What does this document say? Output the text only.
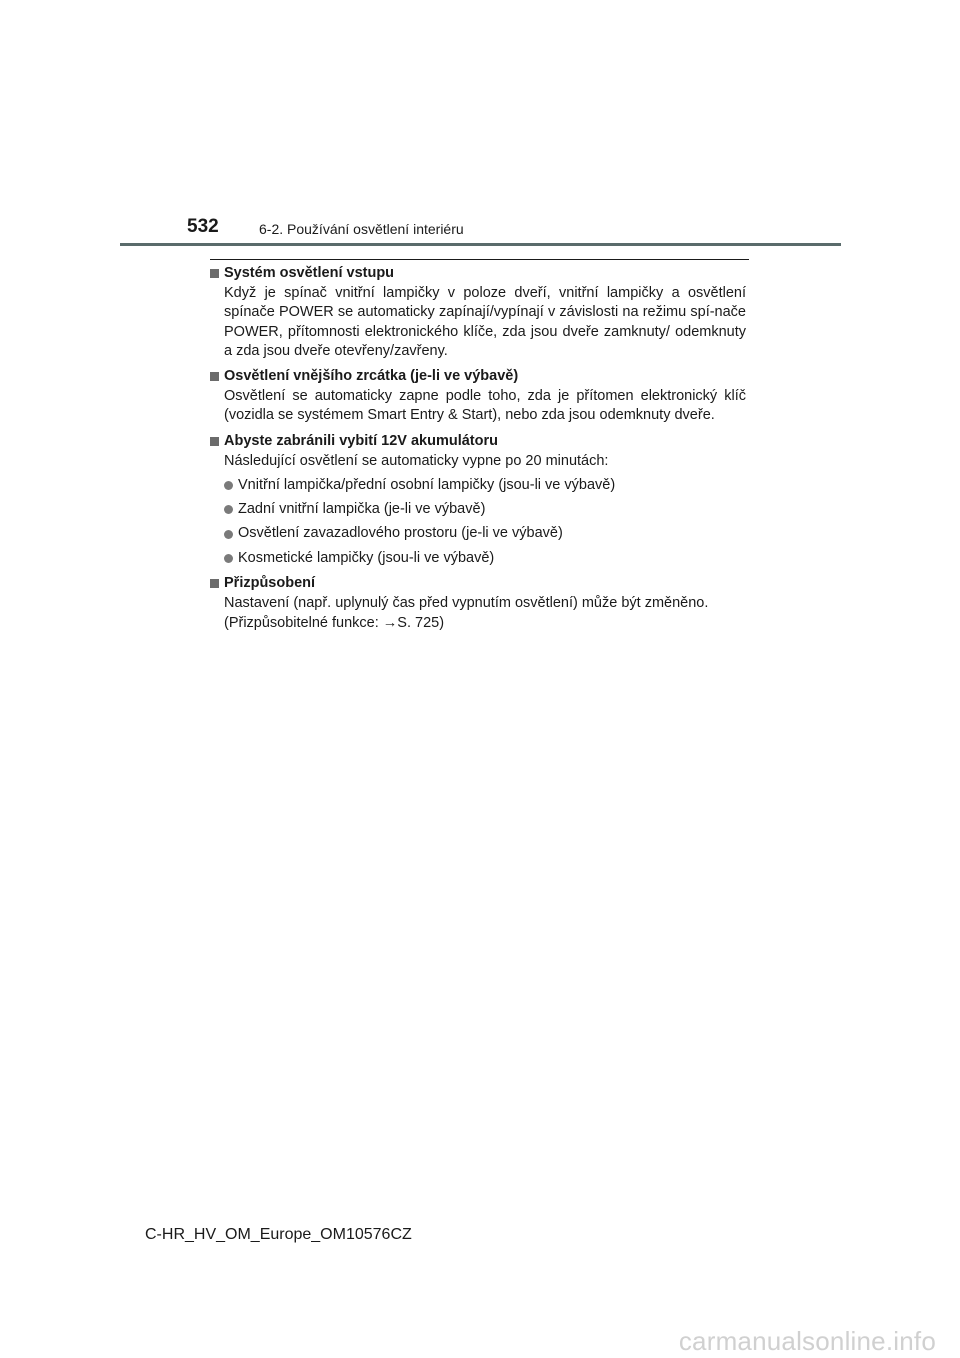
532	6-2. Používání osvětlení interiéru
Systém osvětlení vstupu
Když je spínač vnitřní lampičky v poloze dveří, vnitřní lampičky a osvětlení spínače POWER se automaticky zapínají/vypínají v závislosti na režimu spí-nače POWER, přítomnosti elektronického klíče, zda jsou dveře zamknuty/ odemknuty a zda jsou dveře otevřeny/zavřeny.
Osvětlení vnějšího zrcátka (je-li ve výbavě)
Osvětlení se automaticky zapne podle toho, zda je přítomen elektronický klíč (vozidla se systémem Smart Entry & Start), nebo zda jsou odemknuty dveře.
Abyste zabránili vybití 12V akumulátoru
Následující osvětlení se automaticky vypne po 20 minutách:
Vnitřní lampička/přední osobní lampičky (jsou-li ve výbavě)
Zadní vnitřní lampička (je-li ve výbavě)
Osvětlení zavazadlového prostoru (je-li ve výbavě)
Kosmetické lampičky (jsou-li ve výbavě)
Přizpůsobení
Nastavení (např. uplynulý čas před vypnutím osvětlení) může být změněno.
(Přizpůsobitelné funkce: →S. 725)
C-HR_HV_OM_Europe_OM10576CZ
carmanualsonline.info
